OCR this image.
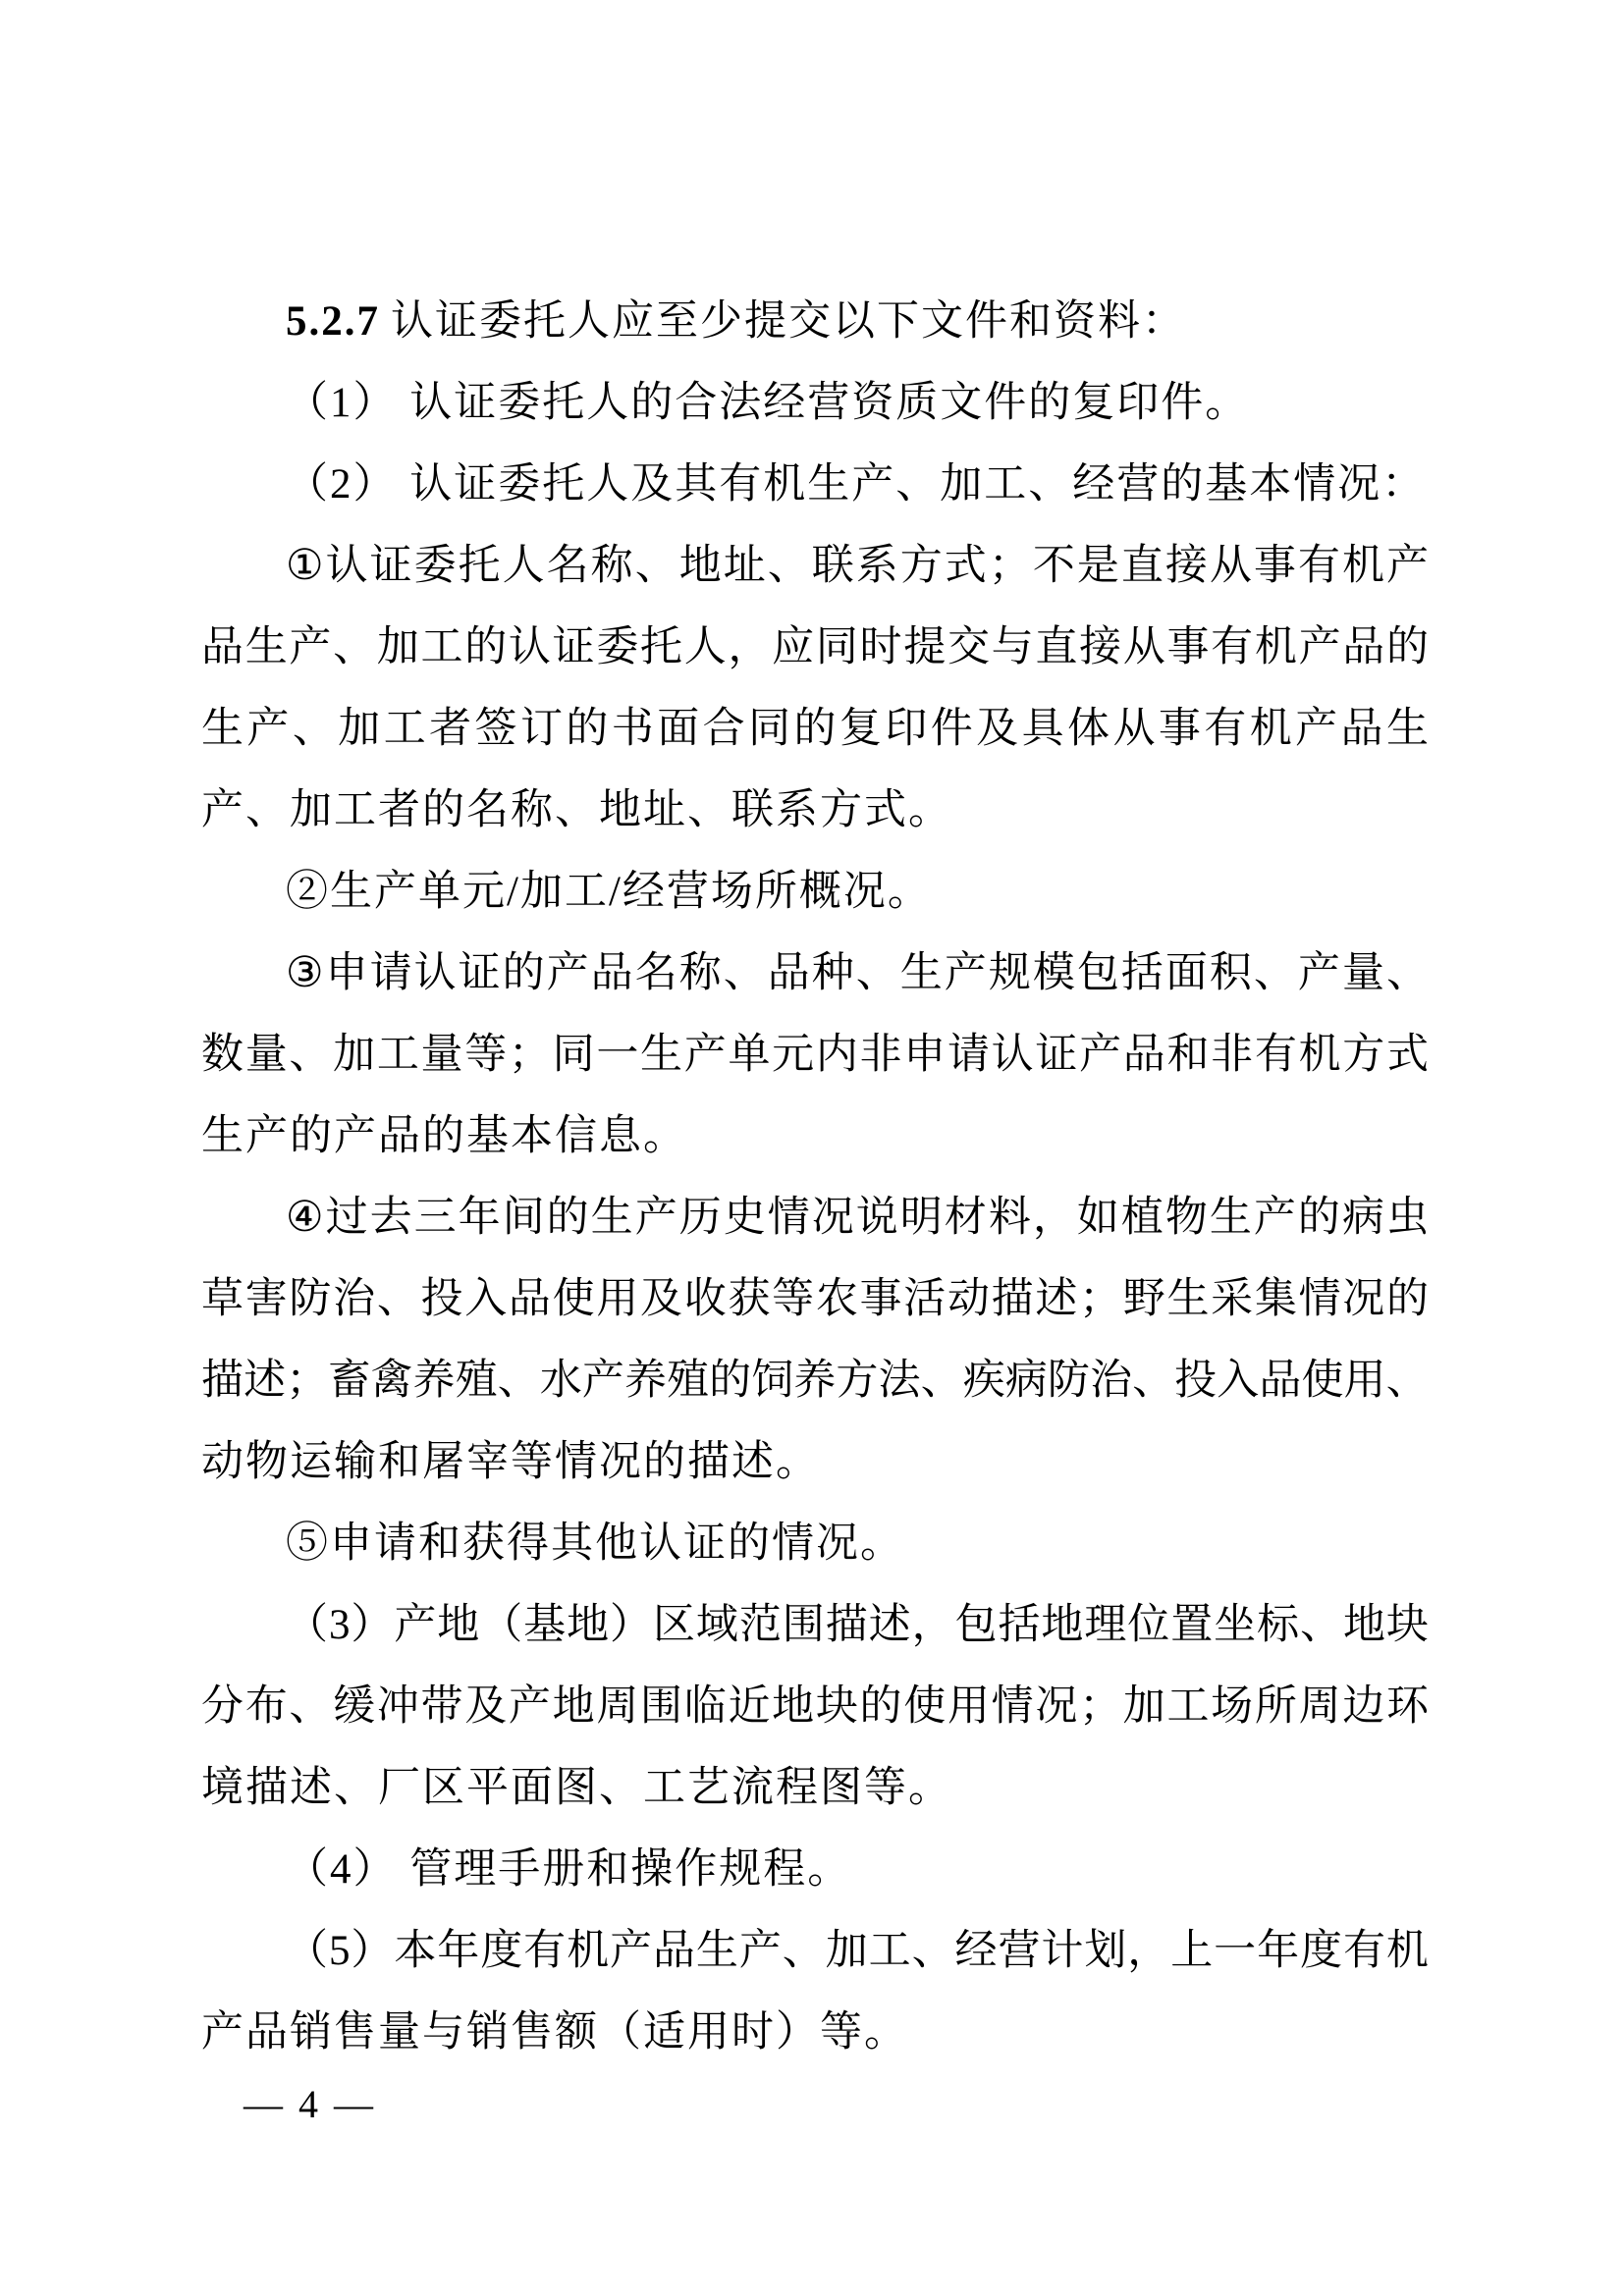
5.2.7 认证委托人应至少提交以下文件和资料：
（1） 认证委托人的合法经营资质文件的复印件。
（2） 认证委托人及其有机生产、加工、经营的基本情况：
① 认 证 委 托 人 名 称 、 地 址 、 联 系 方 式 ； 不 是 直 接 从 事 有 机 产
品 生 产 、 加 工 的 认 证 委 托 人 ， 应 同 时 提 交 与 直 接 从 事 有 机 产 品 的
生 产 、 加 工 者 签 订 的 书 面 合 同 的 复 印 件 及 具 体 从 事 有 机 产 品 生
产、加工者的名称、地址、联系方式。
②生产单元/加工/经营场所概况。
③ 申 请 认 证 的 产 品 名 称 、 品 种 、 生 产 规 模 包 括 面 积 、 产 量 、
数 量 、 加 工 量 等 ； 同 一 生 产 单 元 内 非 申 请 认 证 产 品 和 非 有 机 方 式
生产的产品的基本信息。
④ 过 去 三 年 间 的 生 产 历 史 情 况 说 明 材 料 ， 如 植 物 生 产 的 病 虫
草 害 防 治 、 投 入 品 使 用 及 收 获 等 农 事 活 动 描 述 ； 野 生 采 集 情 况 的
描 述 ； 畜 禽 养 殖 、 水 产 养 殖 的 饲 养 方 法 、 疾 病 防 治 、 投 入 品 使 用 、
动物运输和屠宰等情况的描述。
⑤申请和获得其他认证的情况。
（ 3 ） 产 地 （ 基 地 ） 区 域 范 围 描 述 ， 包 括 地 理 位 置 坐 标 、 地 块
分 布 、 缓 冲 带 及 产 地 周 围 临 近 地 块 的 使 用 情 况 ； 加 工 场 所 周 边 环
境描述、厂区平面图、工艺流程图等。
（4） 管理手册和操作规程。
（ 5 ） 本 年 度 有 机 产 品 生 产 、 加 工 、 经 营 计 划 ， 上 一 年 度 有 机
产品销售量与销售额（适用时）等。
— 4 —
